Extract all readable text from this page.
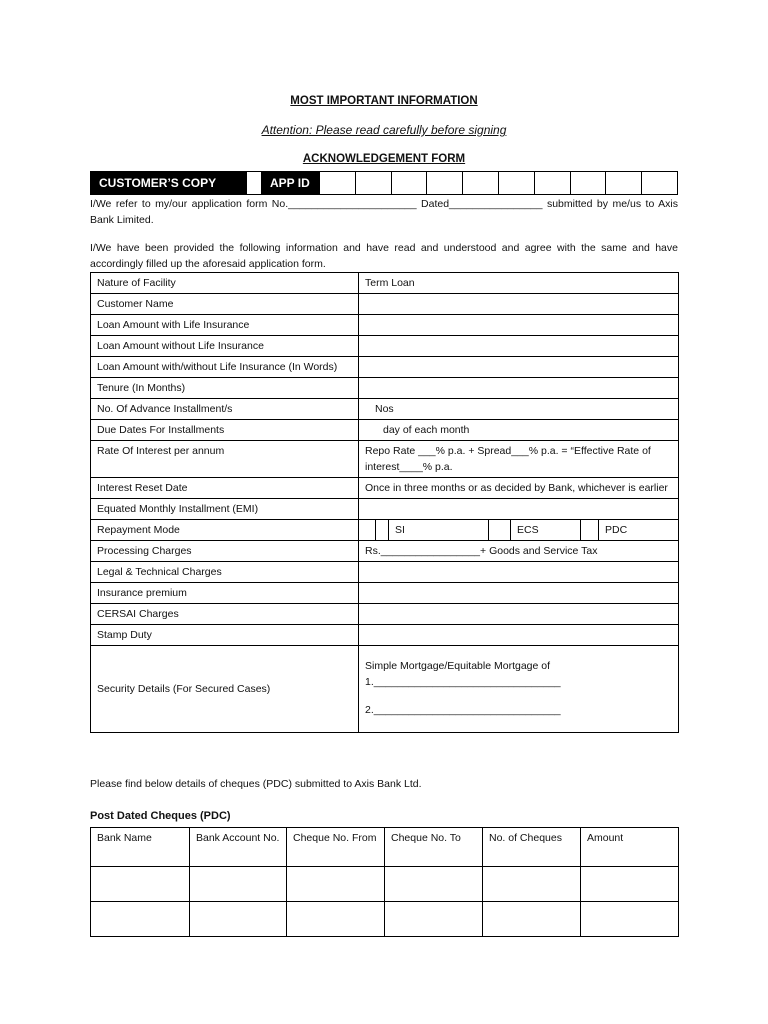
MOST IMPORTANT INFORMATION
Attention: Please read carefully before signing
ACKNOWLEDGEMENT FORM
CUSTOMER’S COPY	APP ID
I/We refer to my/our application form No.______________________ Dated________________ submitted by me/us to Axis Bank Limited.
I/We have been provided the following information and have read and understood and agree with the same and have accordingly filled up the aforesaid application form.
Nature of Facility	Term Loan
Customer Name	
Loan Amount with Life Insurance	
Loan Amount without Life Insurance	
Loan Amount with/without Life Insurance (In Words)	
Tenure (In Months)	
No. Of Advance Installment/s	Nos
Due Dates For Installments	day of each month
Rate Of Interest per annum	Repo Rate ___% p.a. + Spread___% p.a. = “Effective Rate of interest____% p.a.
Interest Reset Date	Once in three months or as decided by Bank, whichever is earlier
Equated Monthly Installment (EMI)	
Repayment Mode	SI ECS PDC

Processing Charges	Rs._________________+ Goods and Service Tax
Legal & Technical Charges	
Insurance premium	
CERSAI Charges	
Stamp Duty	
Security Details (For Secured Cases)	Simple Mortgage/Equitable Mortgage of
1.________________________________
2.________________________________
Please find below details of cheques (PDC) submitted to Axis Bank Ltd.
Post Dated Cheques (PDC)
Bank Name	Bank Account No.	Cheque No. From	Cheque No. To	No. of Cheques	Amount
